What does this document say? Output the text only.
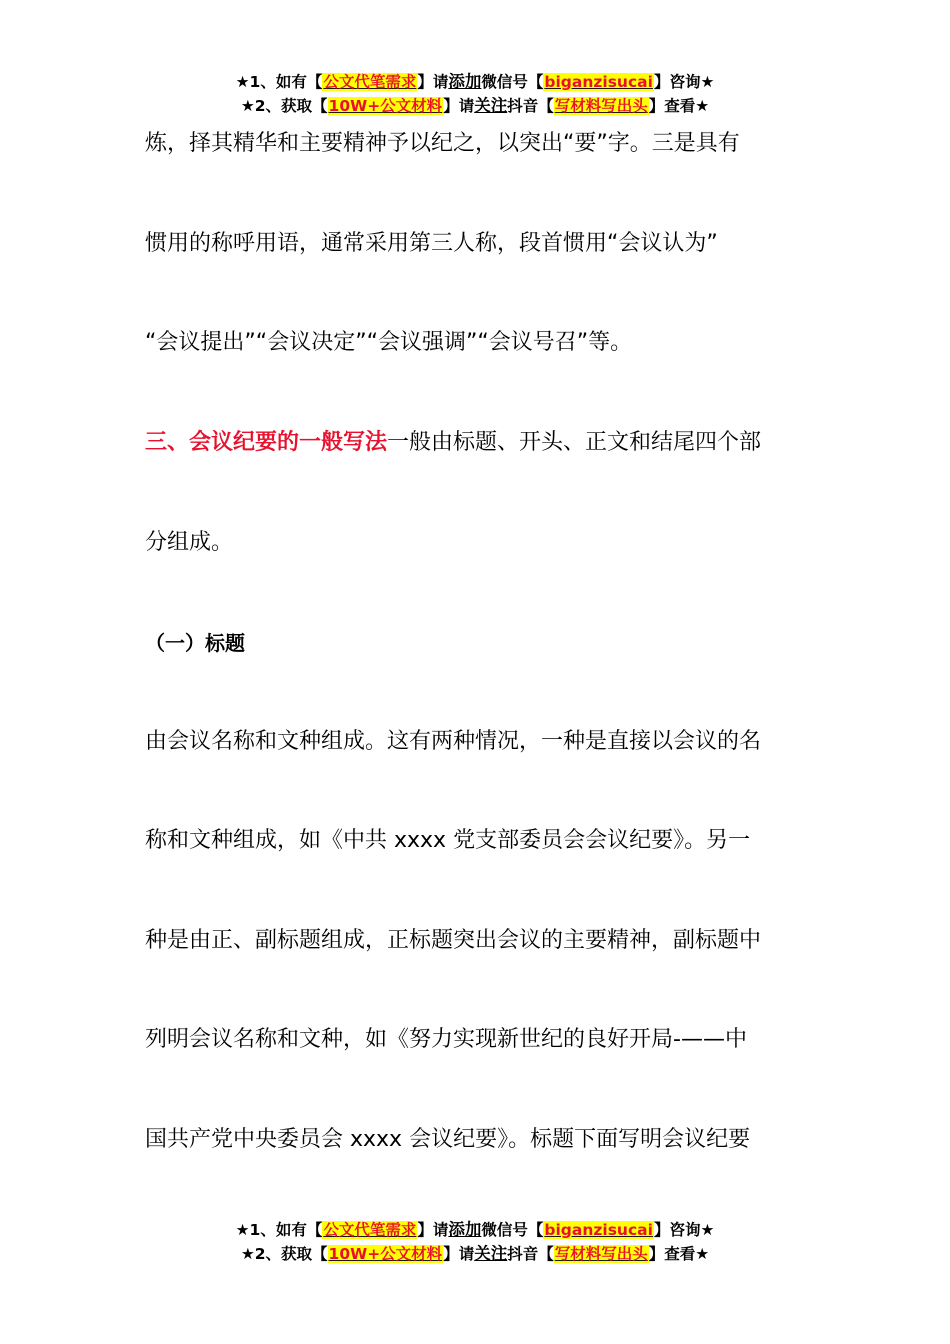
★1、如有【公文代笔需求】请添加微信号【biganzisucai】咨询★
★2、获取【10W+公文材料】请关注抖音【写材料写出头】查看★
炼，择其精华和主要精神予以纪之，以突出“要”字。三是具有
惯用的称呼用语，通常采用第三人称，段首惯用“会议认为”
“会议提出”“会议决定”“会议强调”“会议号召”等。
三、会议纪要的一般写法一般由标题、开头、正文和结尾四个部
分组成。
（一）标题
由会议名称和文种组成。这有两种情况，一种是直接以会议的名
称和文种组成，如《中共 xxxx 党支部委员会会议纪要》。另一
种是由正、副标题组成，正标题突出会议的主要精神，副标题中
列明会议名称和文种，如《努力实现新世纪的良好开局-——中
国共产党中央委员会 xxxx 会议纪要》。标题下面写明会议纪要
★1、如有【公文代笔需求】请添加微信号【biganzisucai】咨询★
★2、获取【10W+公文材料】请关注抖音【写材料写出头】查看★
